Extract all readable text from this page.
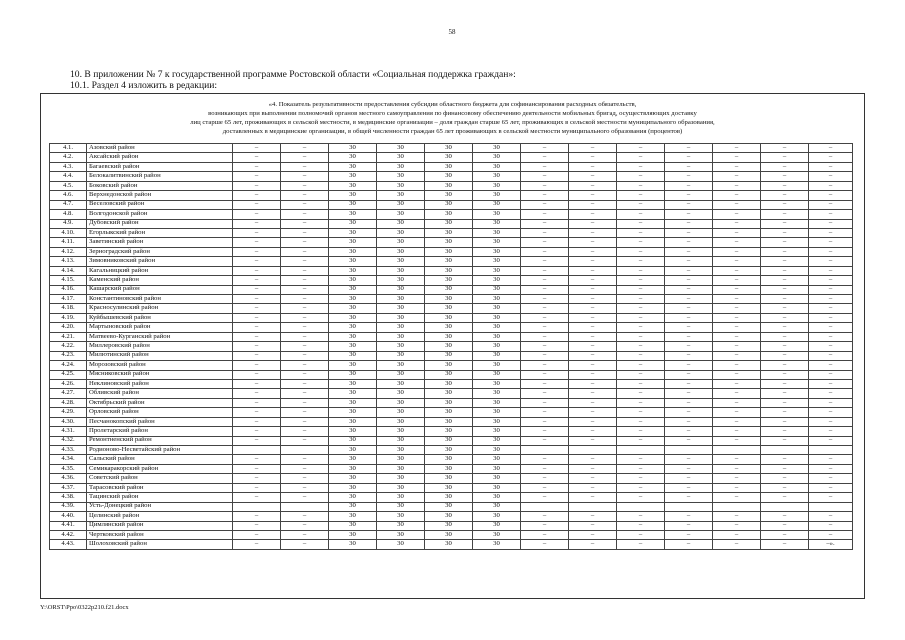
58
10. В приложении № 7 к государственной программе Ростовской области «Социальная поддержка граждан»:
10.1. Раздел 4 изложить в редакции:
«4. Показатель результативности предоставления субсидии областного бюджета для софинансирования расходных обязательств,
возникающих при выполнении полномочий органов местного самоуправления по финансовому обеспечению деятельности мобильных бригад, осуществляющих доставку
лиц старше 65 лет, проживающих в сельской местности, в медицинские организации – доля граждан старше 65 лет, проживающих в сельской местности муниципального образования,
доставленных в медицинские организации, в общей численности граждан 65 лет проживающих в сельской местности муниципального образования (процентов)
4.1.	Азовский район	–	–	30	30	30	30	–	–	–	–	–	–	–
4.2.	Аксайский район	–	–	30	30	30	30	–	–	–	–	–	–	–
4.3.	Багаевский район	–	–	30	30	30	30	–	–	–	–	–	–	–
4.4.	Белокалитвинский район	–	–	30	30	30	30	–	–	–	–	–	–	–
4.5.	Боковский район	–	–	30	30	30	30	–	–	–	–	–	–	–
4.6.	Верхнедонской район	–	–	30	30	30	30	–	–	–	–	–	–	–
4.7.	Веселовский район	–	–	30	30	30	30	–	–	–	–	–	–	–
4.8.	Волгодонской район	–	–	30	30	30	30	–	–	–	–	–	–	–
4.9.	Дубовский район	–	–	30	30	30	30	–	–	–	–	–	–	–
4.10.	Егорлыкский район	–	–	30	30	30	30	–	–	–	–	–	–	–
4.11.	Заветинский район	–	–	30	30	30	30	–	–	–	–	–	–	–
4.12.	Зерноградский район	–	–	30	30	30	30	–	–	–	–	–	–	–
4.13.	Зимовниковский район	–	–	30	30	30	30	–	–	–	–	–	–	–
4.14.	Кагальницкий район	–	–	30	30	30	30	–	–	–	–	–	–	–
4.15.	Каменский район	–	–	30	30	30	30	–	–	–	–	–	–	–
4.16.	Кашарский район	–	–	30	30	30	30	–	–	–	–	–	–	–
4.17.	Константиновский район	–	–	30	30	30	30	–	–	–	–	–	–	–
4.18.	Красносулинский район	–	–	30	30	30	30	–	–	–	–	–	–	–
4.19.	Куйбышевский район	–	–	30	30	30	30	–	–	–	–	–	–	–
4.20.	Мартыновский район	–	–	30	30	30	30	–	–	–	–	–	–	–
4.21.	Матвеево-Курганский район	–	–	30	30	30	30	–	–	–	–	–	–	–
4.22.	Миллеровский район	–	–	30	30	30	30	–	–	–	–	–	–	–
4.23.	Милютинский район	–	–	30	30	30	30	–	–	–	–	–	–	–
4.24.	Морозовский район	–	–	30	30	30	30	–	–	–	–	–	–	–
4.25.	Мясниковский район	–	–	30	30	30	30	–	–	–	–	–	–	–
4.26.	Неклиновский район	–	–	30	30	30	30	–	–	–	–	–	–	–
4.27.	Обливский район	–	–	30	30	30	30	–	–	–	–	–	–	–
4.28.	Октябрьский район	–	–	30	30	30	30	–	–	–	–	–	–	–
4.29.	Орловский район	–	–	30	30	30	30	–	–	–	–	–	–	–
4.30.	Песчанокопский район	–	–	30	30	30	30	–	–	–	–	–	–	–
4.31.	Пролетарский район	–	–	30	30	30	30	–	–	–	–	–	–	–
4.32.	Ремонтненский район	–	–	30	30	30	30	–	–	–	–	–	–	–
4.33.	Родионово-Несветайский район			30	30	30	30							
4.34.	Сальский район	–	–	30	30	30	30	–	–	–	–	–	–	–
4.35.	Семикаракорский район	–	–	30	30	30	30	–	–	–	–	–	–	–
4.36.	Советский район	–	–	30	30	30	30	–	–	–	–	–	–	–
4.37.	Тарасовский район	–	–	30	30	30	30	–	–	–	–	–	–	–
4.38.	Тацинский район	–	–	30	30	30	30	–	–	–	–	–	–	–
4.39.	Усть-Донецкий район			30	30	30	30							
4.40.	Целинский район	–	–	30	30	30	30	–	–	–	–	–	–	–
4.41.	Цимлянский район	–	–	30	30	30	30	–	–	–	–	–	–	–
4.42.	Чертковский район	–	–	30	30	30	30	–	–	–	–	–	–	–
4.43.	Шолоховский район	–	–	30	30	30	30	–	–	–	–	–	–	–».
Y:\ORST\Ppo\0322p210.f21.docx
